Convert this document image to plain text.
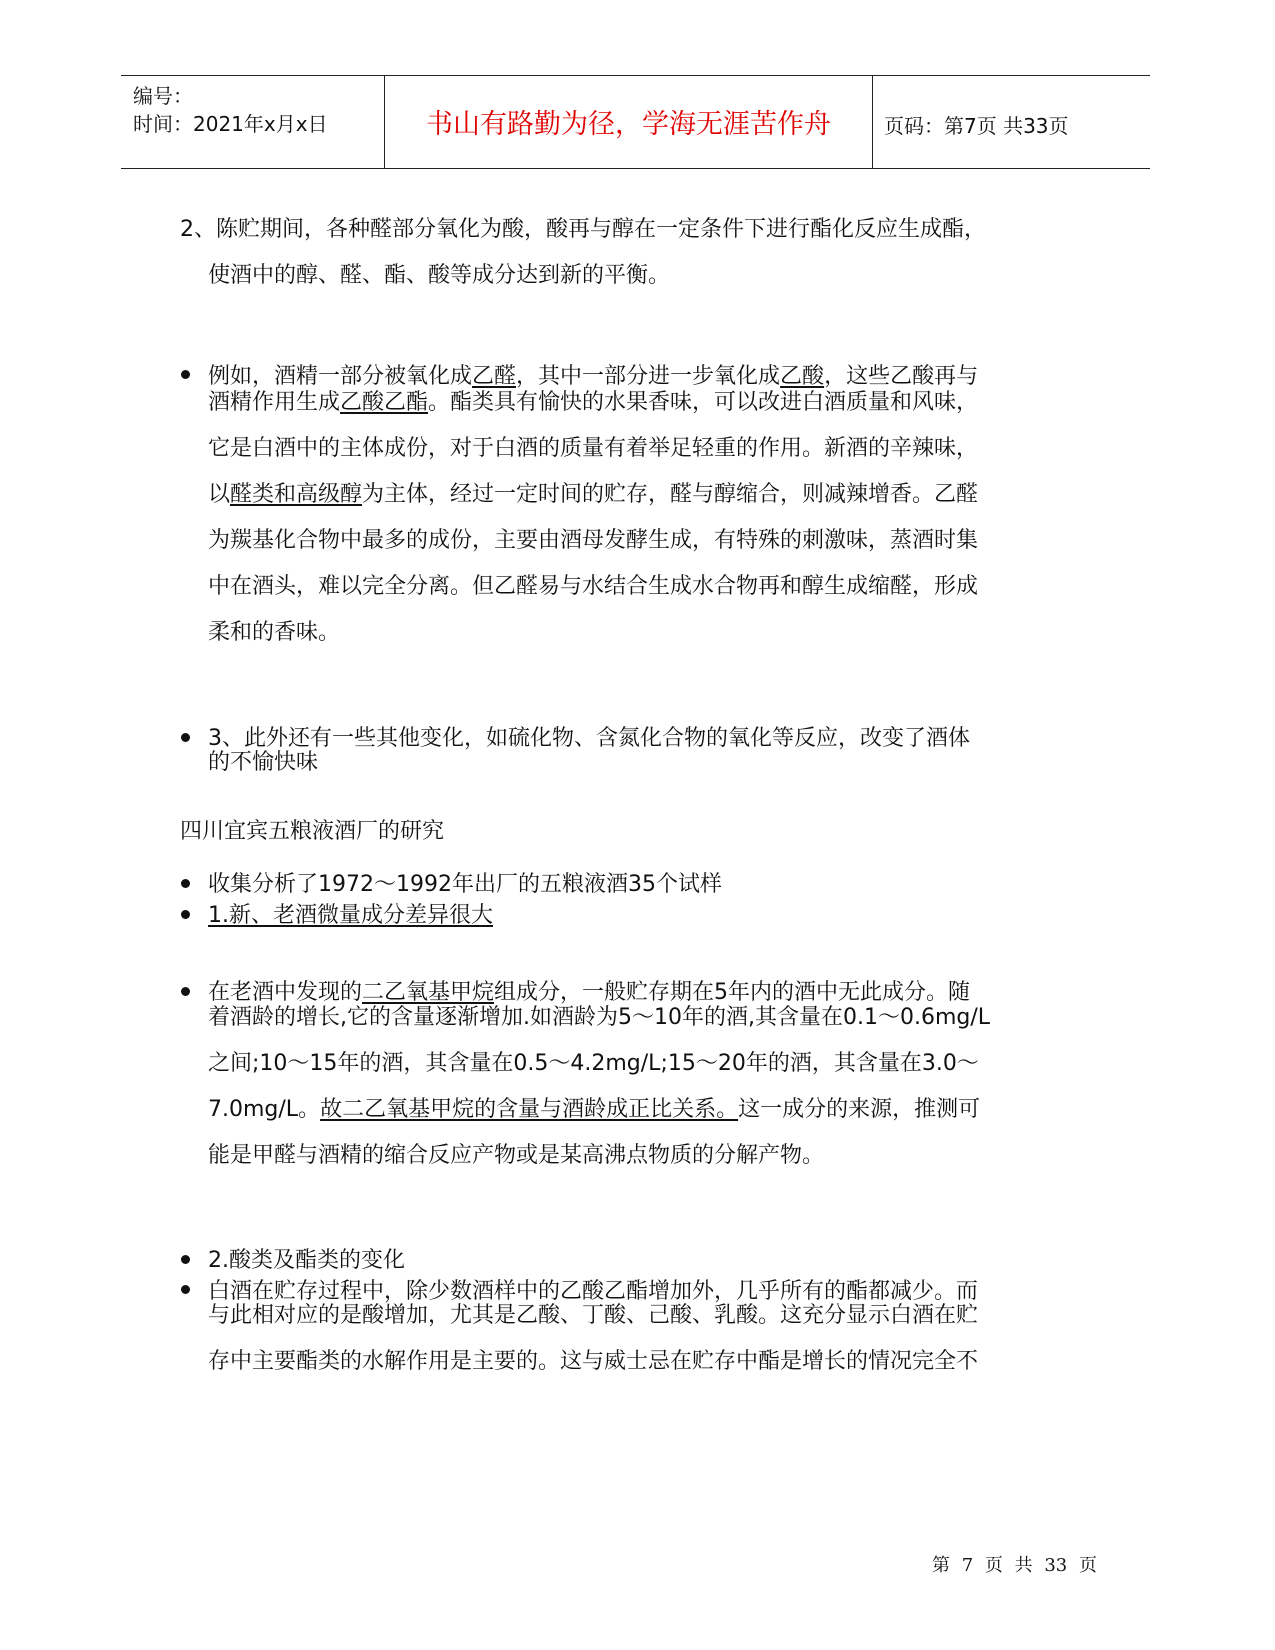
编号：
时间：2021年x月x日	书山有路勤为径，学海无涯苦作舟	页码：第7页 共33页
2、陈贮期间，各种醛部分氧化为酸，酸再与醇在一定条件下进行酯化反应生成酯，
使酒中的醇、醛、酯、酸等成分达到新的平衡。
例如，酒精一部分被氧化成乙醛，其中一部分进一步氧化成乙酸，这些乙酸再与
酒精作用生成乙酸乙酯。酯类具有愉快的水果香味，可以改进白酒质量和风味，
它是白酒中的主体成份，对于白酒的质量有着举足轻重的作用。新酒的辛辣味，
以醛类和高级醇为主体，经过一定时间的贮存，醛与醇缩合，则减辣增香。乙醛
为羰基化合物中最多的成份，主要由酒母发酵生成，有特殊的刺激味，蒸酒时集
中在酒头，难以完全分离。但乙醛易与水结合生成水合物再和醇生成缩醛，形成
柔和的香味。
3、此外还有一些其他变化，如硫化物、含氮化合物的氧化等反应，改变了酒体
的不愉快味
四川宜宾五粮液酒厂的研究
收集分析了1972～1992年出厂的五粮液酒35个试样
1.新、老酒微量成分差异很大
在老酒中发现的二乙氧基甲烷组成分，一般贮存期在5年内的酒中无此成分。随
着酒龄的增长,它的含量逐渐增加.如酒龄为5～10年的酒,其含量在0.1～0.6mg/L
之间;10～15年的酒，其含量在0.5～4.2mg/L;15～20年的酒，其含量在3.0～
7.0mg/L。故二乙氧基甲烷的含量与酒龄成正比关系。这一成分的来源，推测可
能是甲醛与酒精的缩合反应产物或是某高沸点物质的分解产物。
2.酸类及酯类的变化
白酒在贮存过程中，除少数酒样中的乙酸乙酯增加外，几乎所有的酯都减少。而
与此相对应的是酸增加，尤其是乙酸、丁酸、己酸、乳酸。这充分显示白酒在贮
存中主要酯类的水解作用是主要的。这与威士忌在贮存中酯是增长的情况完全不
第 7 页 共 33 页
